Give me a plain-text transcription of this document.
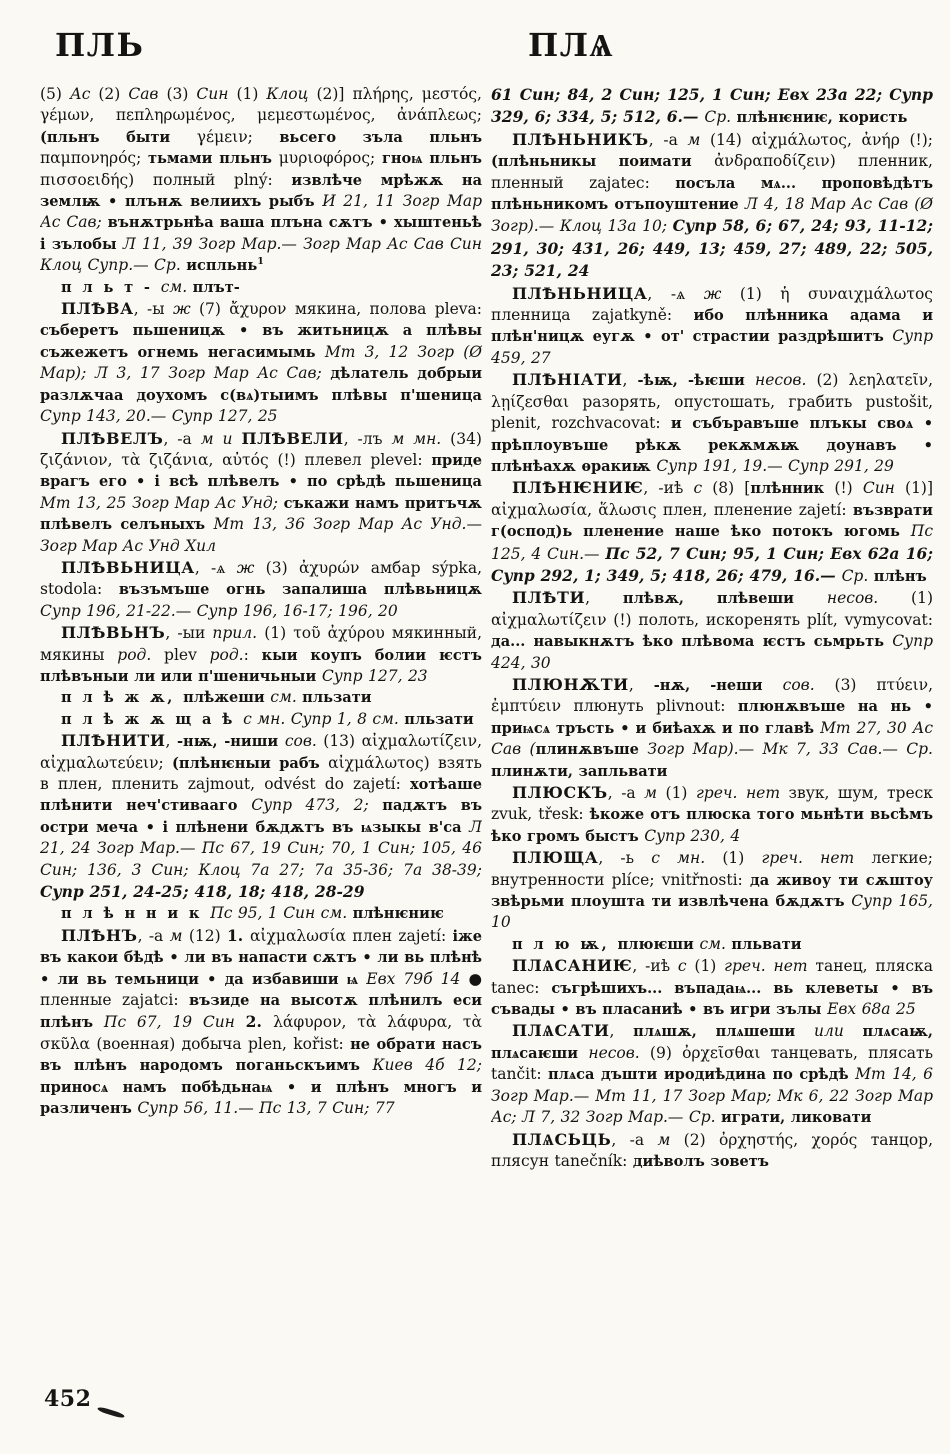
ПЛЬ	ПЛѦ

(5) Ас (2) Сав (3) Син (1) Клоц (2)] πλήρης, μεστός, γέμων, πεπληρωμένος, μεμεστωμένος, ἀνάπλεως; (пльнъ быти γέμειν; вьсего зъла пльнъ παμπονηρός; тьмами пльнъ μυριοφόρος; гноѩ пльнъ πισσοειδής) полный plný: извлѣче мрѣжѫ на землѭ • плънѫ велиихъ рыбъ И 21, 11 Зогр Мар Ас Сав; вънѫтрьнѣа ваша плъна сѫтъ • хыштеньѣ і зълобы Л 11, 39 Зогр Мар.— Зогр Мар Ас Сав Син Клоц Супр.— Ср. испльнь$^1$

п л ь т - см. плът-

ПЛѢВА, -ы ж (7) ἄχυρον мякина, полова pleva: съберетъ пьшеницѫ • въ житьницѫ а плѣвы съжежетъ огнемь негасимымь Мт 3, 12 Зогр (Ø Мар); Л 3, 17 Зогр Мар Ас Сав; дѣлатель добрыи разлѫчаа доухомъ с(вѧ)тыимъ плѣвы п'шеница Супр 143, 20.— Супр 127, 25

ПЛѢВЕЛЪ, -а м и ПЛѢВЕЛИ, -лъ м мн. (34) ζιζάνιον, τὰ ζιζάνια, αὐτός (!) плевел plevel: приде врагъ его • і всѣ плѣвелъ • по срѣдѣ пьшеница Мт 13, 25 Зогр Мар Ас Унд; съкажи намъ притъчѫ плѣвелъ селъныхъ Мт 13, 36 Зогр Мар Ас Унд.— Зогр Мар Ас Унд Хил

ПЛѢВЬНИЦА, -ѧ ж (3) ἀχυρών амбар sýpka, stodola: възъмъше огнь запалиша плѣвьницѫ Супр 196, 21-22.— Супр 196, 16-17; 196, 20

ПЛѢВЬНЪ, -ыи прил. (1) τοῦ ἀχύρου мякинный, мякины род. plev род.: кыи коупъ болии ѥстъ плѣвъныи ли или п'шеничьныи Супр 127, 23

п л ѣ ж ѫ, плѣжеши см. пльзати

п л ѣ ж ѫ щ а ѣ с мн. Супр 1, 8 см. пльзати

ПЛѢНИТИ, -нѭ, -ниши сов. (13) αἰχμαλωτίζειν, αἰχμαλωτεύειν; (плѣнѥныи рабъ αἰχμάλωτος) взять в плен, пленить zajmout, odvést do zajetí: хотѣаше плѣнити неч'стивааго Супр 473, 2; падѫтъ въ остри меча • і плѣнени бѫдѫтъ въ ѩзыкы в'са Л 21, 24 Зогр Мар.— Пс 67, 19 Син; 70, 1 Син; 105, 46 Син; 136, 3 Син; Клоц 7а 27; 7а 35-36; 7а 38-39; Супр 251, 24-25; 418, 18; 418, 28-29

п л ѣ н н и к Пс 95, 1 Син см. плѣнѥниѥ

ПЛѢНЪ, -а м (12) 1. αἰχμαλωσία плен zajetí: іже въ какои бѣдѣ • ли въ напасти сѫтъ • ли вь плѣнѣ • ли вь темьници • да избавиши ѩ Евх 79б 14 ● пленные zajatci: възиде на высотѫ плѣнилъ еси плѣнъ Пс 67, 19 Син 2. λάφυρον, τὰ λάφυρα, τὰ σκῦλα (военная) добыча plen, kořist: не обрати насъ въ плѣнъ народомъ поганьскъимъ Киев 4б 12; приносѧ намъ побѣдьнаѩ • и плѣнъ многъ и различенъ Супр 56, 11.— Пс 13, 7 Син; 77

61 Син; 84, 2 Син; 125, 1 Син; Евх 23а 22; Супр 329, 6; 334, 5; 512, 6.— Ср. плѣнѥниѥ, користь

ПЛѢНЬНИКЪ, -а м (14) αἰχμάλωτος, ἀνήρ (!); (плѣньникы поимати ἀνδραποδίζειν) пленник, пленный zajatec: посъла мѧ... проповѣдѣтъ плѣньникомъ отъпоуштение Л 4, 18 Мар Ас Сав (Ø Зогр).— Клоц 13а 10; Супр 58, 6; 67, 24; 93, 11-12; 291, 30; 431, 26; 449, 13; 459, 27; 489, 22; 505, 23; 521, 24

ПЛѢНЬНИЦА, -ѧ ж (1) ἡ συναιχμάλωτος пленница zajatkyně: ибо плѣнника адама и плѣн'ницѫ еугѫ • от' страстии раздрѣшитъ Супр 459, 27

ПЛѢНІАТИ, -ѣѭ, -ѣѥши несов. (2) λεηλατεῖν, λῃίζεσθαι разорять, опустошать, грабить pustošit, plenit, rozchvacovat: и събъравъше плъкы своѧ • прѣплоувъше рѣкѫ рекѫмѫѭ доунавъ • плѣнѣахѫ ѳракиѭ Супр 191, 19.— Супр 291, 29

ПЛѢНѤНИѤ, -иѣ с (8) [плѣнник (!) Син (1)] αἰχμαλωσία, ἅλωσις плен, пленение zajetí: възврати г(оспод)ь пленение наше ѣко потокъ югомь Пс 125, 4 Син.— Пс 52, 7 Син; 95, 1 Син; Евх 62а 16; Супр 292, 1; 349, 5; 418, 26; 479, 16.— Ср. плѣнъ

ПЛѢТИ, плѣвѫ, плѣвеши несов. (1) αἰχμαλωτίζειν (!) полоть, искоренять plít, vymycovat: да... навыкнѫтъ ѣко плѣвома ѥстъ сьмрьть Супр 424, 30

ПЛЮНѪТИ, -нѫ, -неши сов. (3) πτύειν, ἐμπτύειν плюнуть plivnout: плюнѫвъше на нь • приѩсѧ тръсть • и биѣахѫ и по главѣ Мт 27, 30 Ас Сав (плинѫвъше Зогр Мар).— Мк 7, 33 Сав.— Ср. плинѫти, запльвати

ПЛЮСКЪ, -а м (1) греч. нет звук, шум, треск zvuk, třesk: ѣкоже отъ плюска того мьнѣти вьсѣмъ ѣко громъ быстъ Супр 230, 4

ПЛЮЩА, -ь с мн. (1) греч. нет легкие; внутренности plíce; vnitřnosti: да живоу ти сѫштоу звѣрьми плоушта ти извлѣчена бѫдѫтъ Супр 165, 10

п л ю ѭ, плюѥши см. пльвати

ПЛѦСАНИѤ, -иѣ с (1) греч. нет танец, пляска tanec: съгрѣшихъ... въпадаѩ... вь клеветы • въ съвады • въ пласаниѣ • въ игри зълы Евх 68а 25

ПЛѦСАТИ, плѧшѫ, плѧшеши или плѧсаѭ, плѧсаѥши несов. (9) ὀρχεῖσθαι танцевать, плясать tančit: плѧса дъшти иродиѣдина по срѣдѣ Мт 14, 6 Зогр Мар.— Мт 11, 17 Зогр Мар; Мк 6, 22 Зогр Мар Ас; Л 7, 32 Зогр Мар.— Ср. играти, ликовати

ПЛѦСЬЦЬ, -а м (2) ὀρχηστής, χορός танцор, плясун tanečník: диѣволъ зоветъ

452
